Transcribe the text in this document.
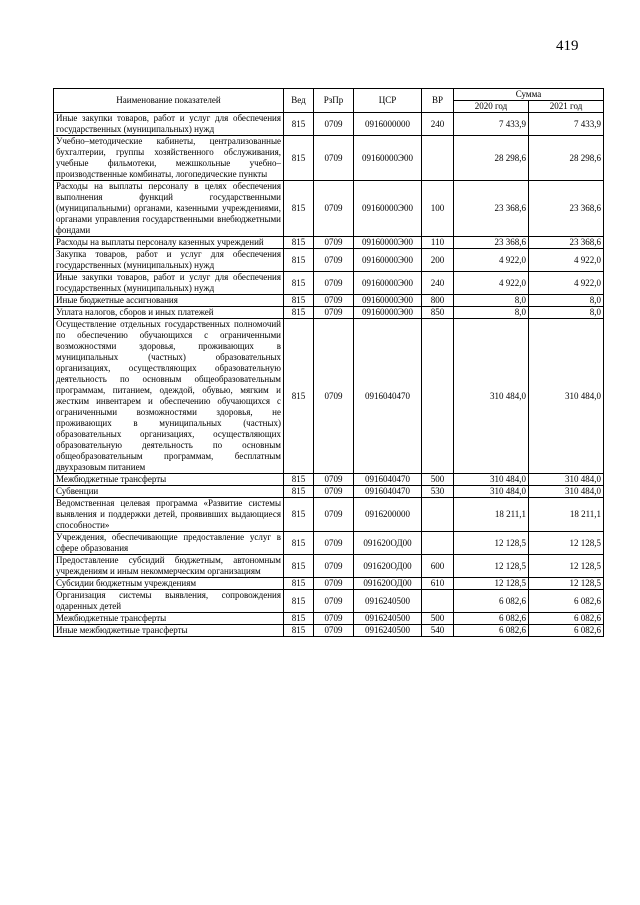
419
Наименование показателей	Вед	РзПр	ЦСР	ВР	Сумма	
					2020 год	2021 год
Иные закупки товаров, работ и услуг для обеспечения государственных (муниципальных) нужд	815	0709	0916000000	240	7 433,9	7 433,9
Учебно–методические кабинеты, централизованные бухгалтерии, группы хозяйственного обслуживания, учебные фильмотеки, межшкольные учебно–производственные комбинаты, логопедические пункты	815	0709	09160000Э00		28 298,6	28 298,6
Расходы на выплаты персоналу в целях обеспечения выполнения функций государственными (муниципальными) органами, казенными учреждениями, органами управления государственными внебюджетными фондами	815	0709	09160000Э00	100	23 368,6	23 368,6
Расходы на выплаты персоналу казенных учреждений	815	0709	09160000Э00	110	23 368,6	23 368,6
Закупка товаров, работ и услуг для обеспечения государственных (муниципальных) нужд	815	0709	09160000Э00	200	4 922,0	4 922,0
Иные закупки товаров, работ и услуг для обеспечения государственных (муниципальных) нужд	815	0709	09160000Э00	240	4 922,0	4 922,0
Иные бюджетные ассигнования	815	0709	09160000Э00	800	8,0	8,0
Уплата налогов, сборов и иных платежей	815	0709	09160000Э00	850	8,0	8,0
Осуществление отдельных государственных полномочий по обеспечению обучающихся с ограниченными возможностями здоровья, проживающих в муниципальных (частных) образовательных организациях, осуществляющих образовательную деятельность по основным общеобразовательным программам, питанием, одеждой, обувью, мягким и жестким инвентарем и обеспечению обучающихся с ограниченными возможностями здоровья, не проживающих в муниципальных (частных) образовательных организациях, осуществляющих образовательную деятельность по основным общеобразовательным программам, бесплатным двухразовым питанием	815	0709	0916040470		310 484,0	310 484,0
Межбюджетные трансферты	815	0709	0916040470	500	310 484,0	310 484,0
Субвенции	815	0709	0916040470	530	310 484,0	310 484,0
Ведомственная целевая программа «Развитие системы выявления и поддержки детей, проявивших выдающиеся способности»	815	0709	0916200000		18 211,1	18 211,1
Учреждения, обеспечивающие предоставление услуг в сфере образования	815	0709	091620ОД00		12 128,5	12 128,5
Предоставление субсидий бюджетным, автономным учреждениям и иным некоммерческим организациям	815	0709	091620ОД00	600	12 128,5	12 128,5
Субсидии бюджетным учреждениям	815	0709	091620ОД00	610	12 128,5	12 128,5
Организация системы выявления, сопровождения одаренных детей	815	0709	0916240500		6 082,6	6 082,6
Межбюджетные трансферты	815	0709	0916240500	500	6 082,6	6 082,6
Иные межбюджетные трансферты	815	0709	0916240500	540	6 082,6	6 082,6
